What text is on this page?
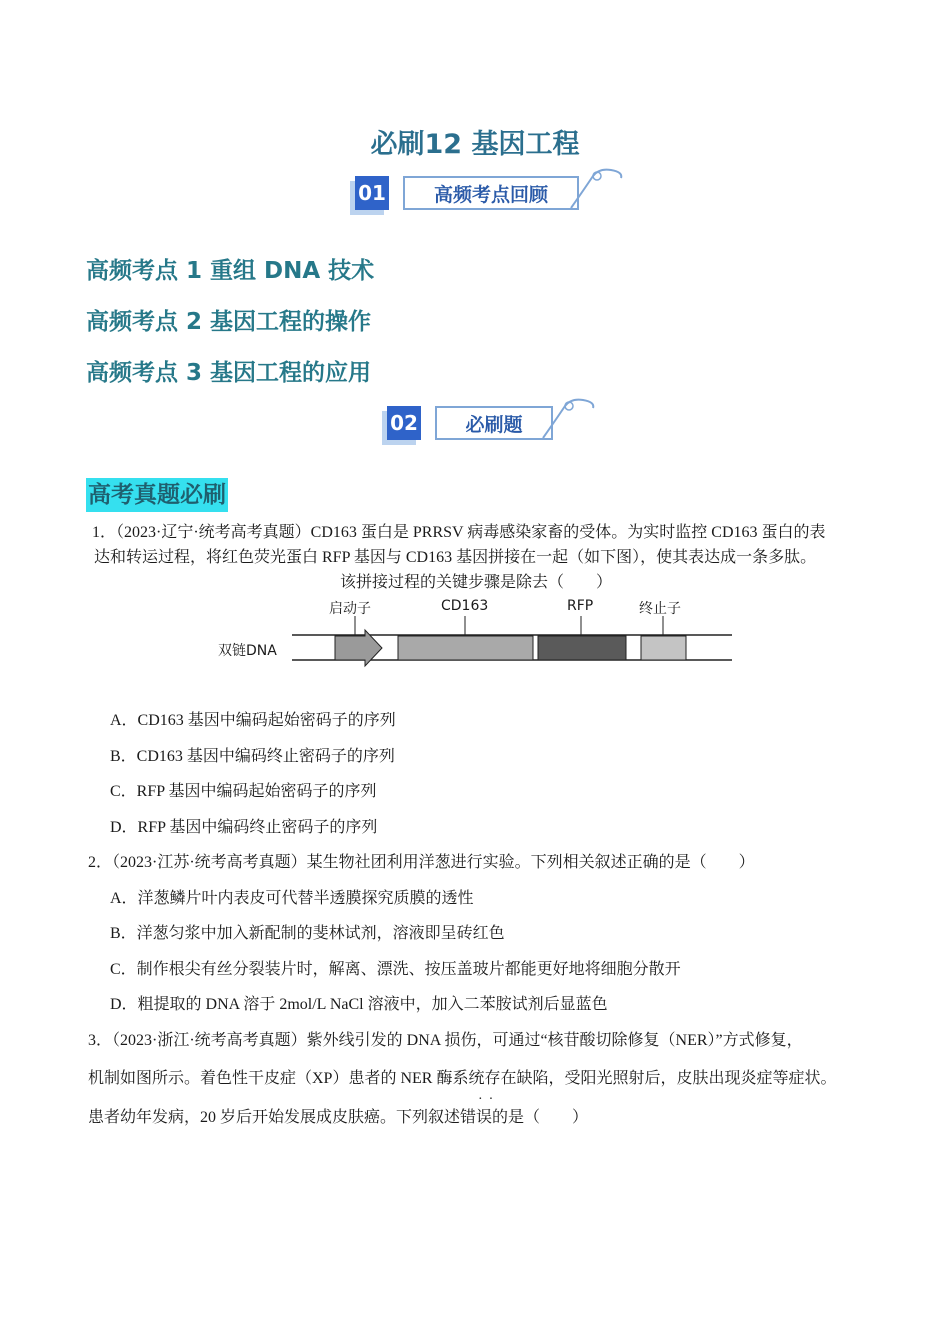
必刷12 基因工程
01	高频考点回顾
高频考点 1 重组 DNA 技术
高频考点 2 基因工程的操作
高频考点 3 基因工程的应用
02	必刷题
高考真题必刷
1．（2023·辽宁·统考高考真题）CD163 蛋白是 PRRSV 病毒感染家畜的受体。为实时监控 CD163 蛋白的表
达和转运过程，将红色荧光蛋白 RFP 基因与 CD163 基因拼接在一起（如下图），使其表达成一条多肽。
该拼接过程的关键步骤是除去（　　）
双链DNA
启动子	CD163	RFP	终止子
A．CD163 基因中编码起始密码子的序列
B．CD163 基因中编码终止密码子的序列
C．RFP 基因中编码起始密码子的序列
D．RFP 基因中编码终止密码子的序列
2．（2023·江苏·统考高考真题）某生物社团利用洋葱进行实验。下列相关叙述正确的是（　　）
A．洋葱鳞片叶内表皮可代替半透膜探究质膜的透性
B．洋葱匀浆中加入新配制的斐林试剂，溶液即呈砖红色
C．制作根尖有丝分裂装片时，解离、漂洗、按压盖玻片都能更好地将细胞分散开
D．粗提取的 DNA 溶于 2mol/L NaCl 溶液中，加入二苯胺试剂后显蓝色
3．（2023·浙江·统考高考真题）紫外线引发的 DNA 损伤，可通过“核苷酸切除修复（NER）”方式修复，
机制如图所示。着色性干皮症（XP）患者的 NER 酶系统存在缺陷，受阳光照射后，皮肤出现炎症等症状。
··
患者幼年发病，20 岁后开始发展成皮肤癌。下列叙述错误的是（　　）
